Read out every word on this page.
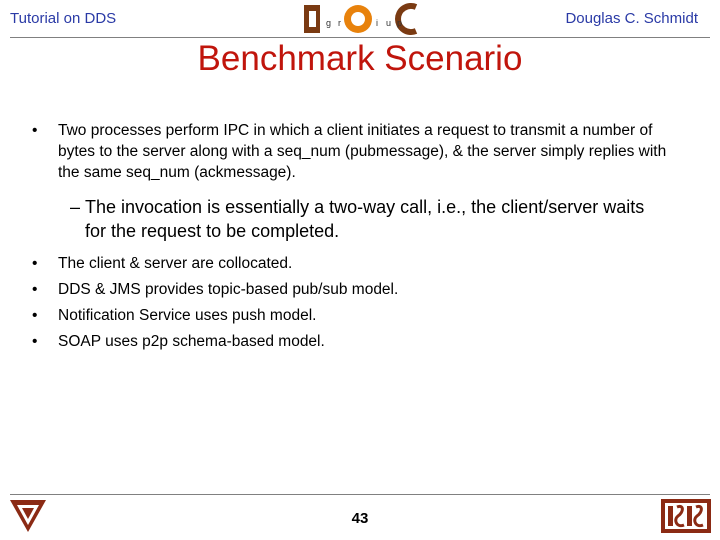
Tutorial on DDS	g r	i u p	Douglas C. Schmidt
Benchmark Scenario
• Two processes perform IPC in which a client initiates a request to transmit a number of bytes to the server along with a seq_num (pubmessage), & the server simply replies with the same seq_num (ackmessage).
– The invocation is essentially a two-way call, i.e., the client/server waits for the request to be completed.
• The client & server are collocated.
• DDS & JMS provides topic-based pub/sub model.
• Notification Service uses push model.
• SOAP uses p2p schema-based model.
43
